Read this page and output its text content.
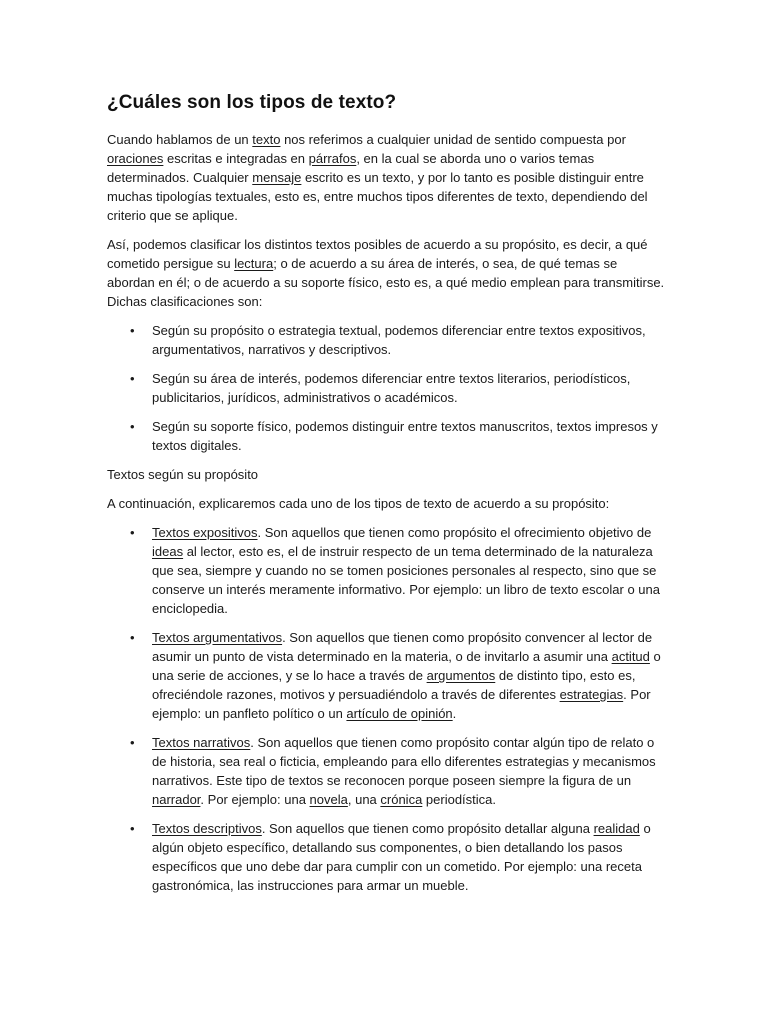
¿Cuáles son los tipos de texto?

Cuando hablamos de un texto nos referimos a cualquier unidad de sentido compuesta por oraciones escritas e integradas en párrafos, en la cual se aborda uno o varios temas determinados. Cualquier mensaje escrito es un texto, y por lo tanto es posible distinguir entre muchas tipologías textuales, esto es, entre muchos tipos diferentes de texto, dependiendo del criterio que se aplique.

Así, podemos clasificar los distintos textos posibles de acuerdo a su propósito, es decir, a qué cometido persigue su lectura; o de acuerdo a su área de interés, o sea, de qué temas se abordan en él; o de acuerdo a su soporte físico, esto es, a qué medio emplean para transmitirse. Dichas clasificaciones son:

• Según su propósito o estrategia textual, podemos diferenciar entre textos expositivos, argumentativos, narrativos y descriptivos.
• Según su área de interés, podemos diferenciar entre textos literarios, periodísticos, publicitarios, jurídicos, administrativos o académicos.
• Según su soporte físico, podemos distinguir entre textos manuscritos, textos impresos y textos digitales.

Textos según su propósito

A continuación, explicaremos cada uno de los tipos de texto de acuerdo a su propósito:

• Textos expositivos. Son aquellos que tienen como propósito el ofrecimiento objetivo de ideas al lector, esto es, el de instruir respecto de un tema determinado de la naturaleza que sea, siempre y cuando no se tomen posiciones personales al respecto, sino que se conserve un interés meramente informativo. Por ejemplo: un libro de texto escolar o una enciclopedia.
• Textos argumentativos. Son aquellos que tienen como propósito convencer al lector de asumir un punto de vista determinado en la materia, o de invitarlo a asumir una actitud o una serie de acciones, y se lo hace a través de argumentos de distinto tipo, esto es, ofreciéndole razones, motivos y persuadiéndolo a través de diferentes estrategias. Por ejemplo: un panfleto político o un artículo de opinión.
• Textos narrativos. Son aquellos que tienen como propósito contar algún tipo de relato o de historia, sea real o ficticia, empleando para ello diferentes estrategias y mecanismos narrativos. Este tipo de textos se reconocen porque poseen siempre la figura de un narrador. Por ejemplo: una novela, una crónica periodística.
• Textos descriptivos. Son aquellos que tienen como propósito detallar alguna realidad o algún objeto específico, detallando sus componentes, o bien detallando los pasos específicos que uno debe dar para cumplir con un cometido. Por ejemplo: una receta gastronómica, las instrucciones para armar un mueble.
